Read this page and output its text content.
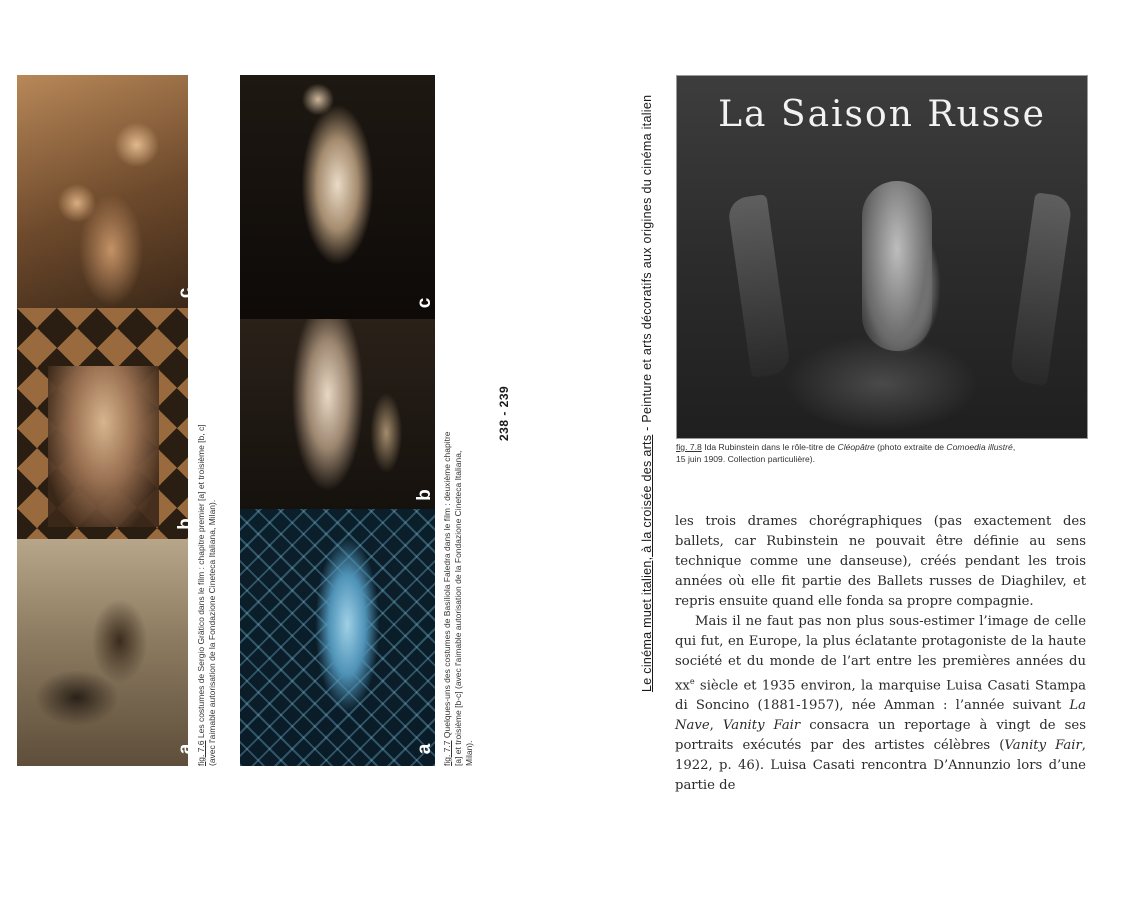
c
b
a fig. 7.6 Les costumes de Sergio Grätico dans le film : chapitre premier [a] et troisième [b, c] (avec l'aimable autorisation de la Fondazione Cineteca Italiana, Milan).
c
b
a fig. 7.7 Quelques-uns des costumes de Basiliola Faledra dans le film : deuxième chapitre [a] et troisième [b-c] (avec l'aimable autorisation de la Fondazione Cineteca Italiana, Milan).
238 - 239
Le cinéma muet italien, à la croisée des arts - Peinture et arts décoratifs aux origines du cinéma italien	La Saison Russe
fig. 7.8 Ida Rubinstein dans le rôle-titre de Cléopâtre (photo extraite de Comoedia illustré,
15 juin 1909. Collection particulière).

les trois drames chorégraphiques (pas exactement des ballets, car Rubinstein ne pouvait être définie au sens technique comme une danseuse), créés pendant les trois années où elle fit partie des Ballets russes de Diaghilev, et repris ensuite quand elle fonda sa propre compagnie.

Mais il ne faut pas non plus sous-estimer l’image de celle qui fut, en Europe, la plus éclatante protagoniste de la haute société et du monde de l’art entre les premières années du $xx^e$ siècle et 1935 environ, la marquise Luisa Casati Stampa di Soncino (1881-1957), née Amman : l’année suivant La Nave, Vanity Fair consacra un reportage à vingt de ses portraits exécutés par des artistes célèbres (Vanity Fair, 1922, p. 46). Luisa Casati rencontra D’Annunzio lors d’une partie de
